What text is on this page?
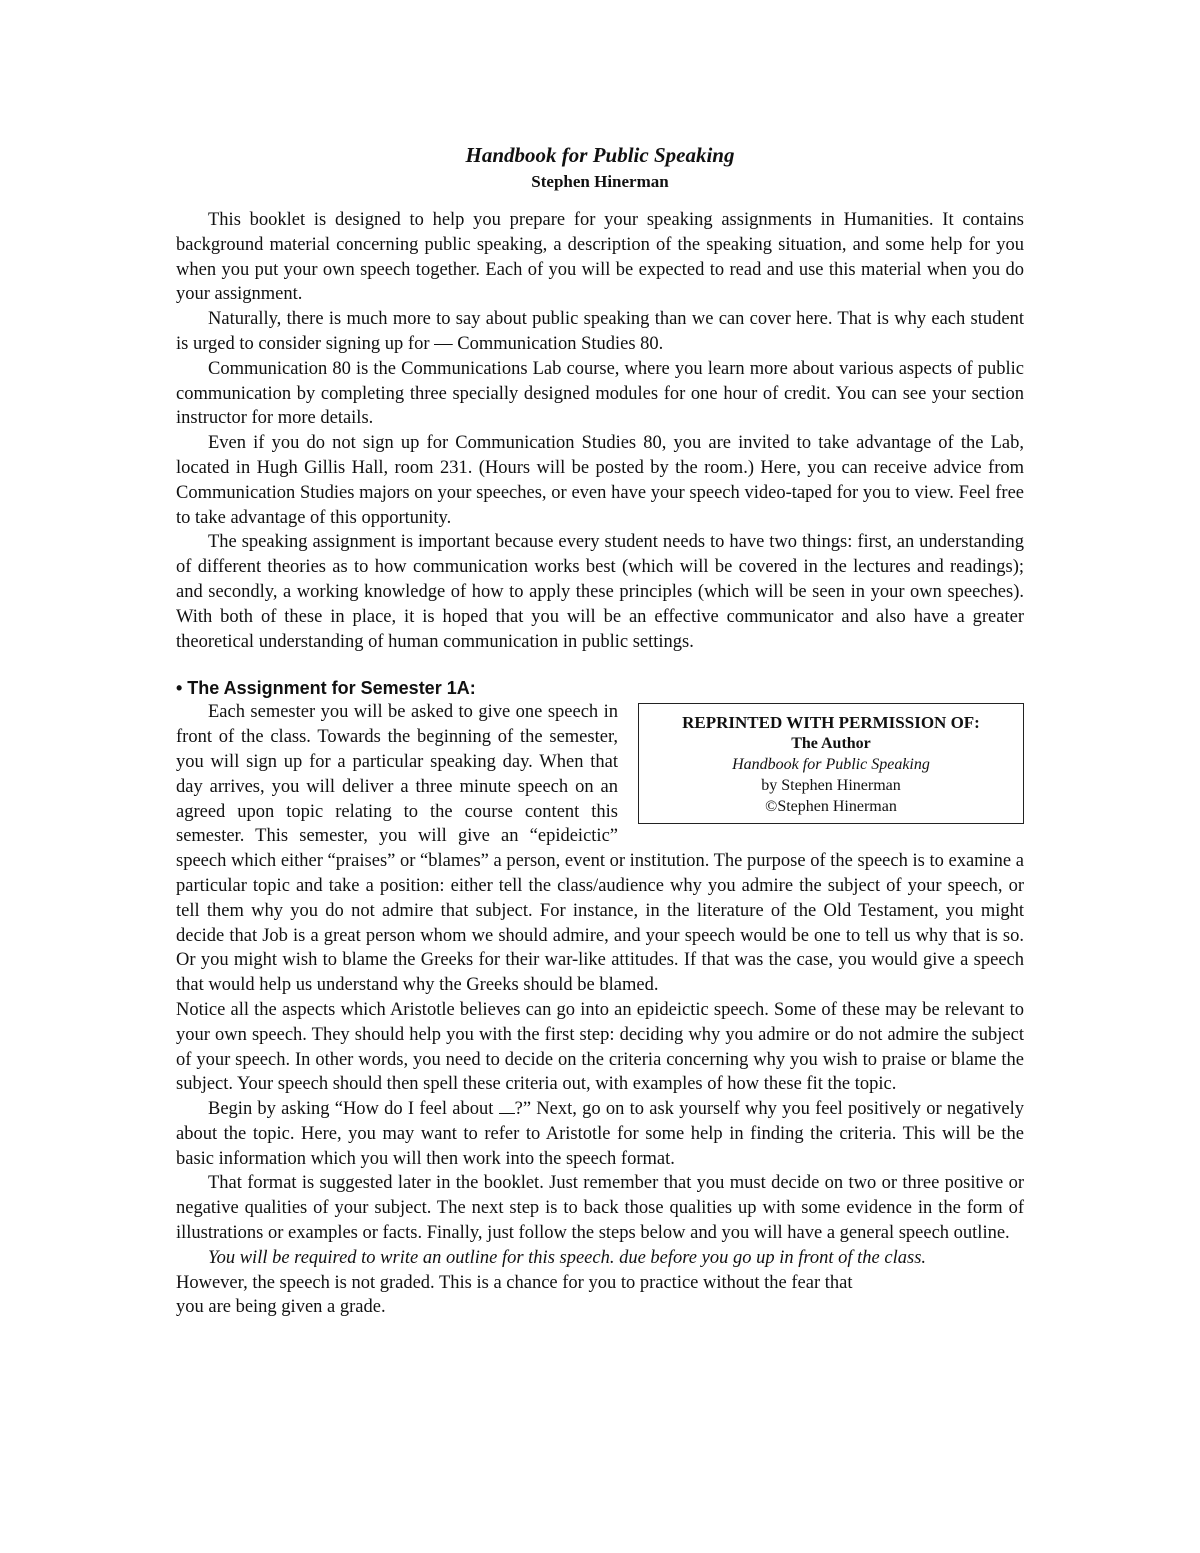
Handbook for Public Speaking
Stephen Hinerman

This booklet is designed to help you prepare for your speaking assignments in Humanities. It contains background material concerning public speaking, a description of the speaking situation, and some help for you when you put your own speech together. Each of you will be expected to read and use this material when you do your assignment.

Naturally, there is much more to say about public speaking than we can cover here. That is why each student is urged to consider signing up for — Communication Studies 80.

Communication 80 is the Communications Lab course, where you learn more about various aspects of public communication by completing three specially designed modules for one hour of credit. You can see your section instructor for more details.

Even if you do not sign up for Communication Studies 80, you are invited to take advantage of the Lab, located in Hugh Gillis Hall, room 231. (Hours will be posted by the room.) Here, you can receive advice from Communication Studies majors on your speeches, or even have your speech video-taped for you to view. Feel free to take advantage of this opportunity.

The speaking assignment is important because every student needs to have two things: first, an understanding of different theories as to how communication works best (which will be covered in the lectures and readings); and secondly, a working knowledge of how to apply these principles (which will be seen in your own speeches). With both of these in place, it is hoped that you will be an effective communicator and also have a greater theoretical understanding of human communication in public settings.

• The Assignment for Semester 1A:
REPRINTED WITH PERMISSION OF:
The Author
Handbook for Public Speaking
by Stephen Hinerman
©Stephen Hinerman

Each semester you will be asked to give one speech in front of the class. Towards the beginning of the semester, you will sign up for a particular speaking day. When that day arrives, you will deliver a three minute speech on an agreed upon topic relating to the course content this semester. This semester, you will give an “epideictic” speech which either “praises” or “blames” a person, event or institution. The purpose of the speech is to examine a particular topic and take a position: either tell the class/audience why you admire the subject of your speech, or tell them why you do not admire that subject. For instance, in the literature of the Old Testament, you might decide that Job is a great person whom we should admire, and your speech would be one to tell us why that is so. Or you might wish to blame the Greeks for their war-like attitudes. If that was the case, you would give a speech that would help us understand why the Greeks should be blamed.

Notice all the aspects which Aristotle believes can go into an epideictic speech. Some of these may be relevant to your own speech. They should help you with the first step: deciding why you admire or do not admire the subject of your speech. In other words, you need to decide on the criteria concerning why you wish to praise or blame the subject. Your speech should then spell these criteria out, with examples of how these fit the topic.

Begin by asking “How do I feel about ?” Next, go on to ask yourself why you feel positively or negatively about the topic. Here, you may want to refer to Aristotle for some help in finding the criteria. This will be the basic information which you will then work into the speech format.

That format is suggested later in the booklet. Just remember that you must decide on two or three positive or negative qualities of your subject. The next step is to back those qualities up with some evidence in the form of illustrations or examples or facts. Finally, just follow the steps below and you will have a general speech outline.

You will be required to write an outline for this speech. due before you go up in front of the class.

However, the speech is not graded. This is a chance for you to practice without the fear that

you are being given a grade.
